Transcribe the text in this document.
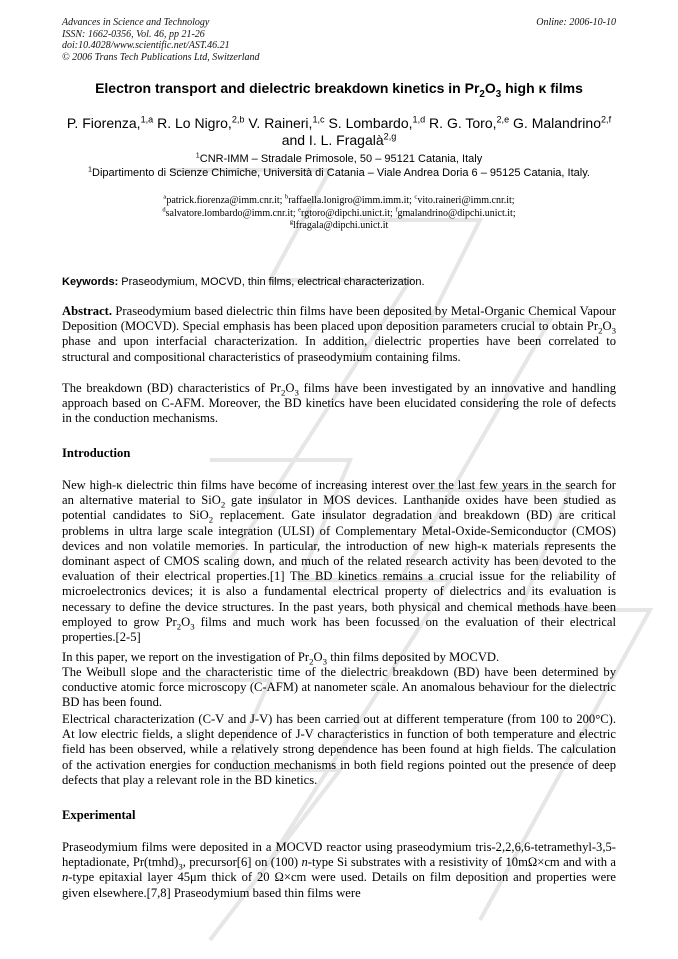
Advances in Science and Technology
ISSN: 1662-0356, Vol. 46, pp 21-26
doi:10.4028/www.scientific.net/AST.46.21
© 2006 Trans Tech Publications Ltd, Switzerland
Online: 2006-10-10
Electron transport and dielectric breakdown kinetics in $Pr_2O_3$ high κ films
P. Fiorenza,$^{1,a}$ R. Lo Nigro,$^{2,b}$ V. Raineri,$^{1,c}$ S. Lombardo,$^{1,d}$ R. G. Toro,$^{2,e}$ G. Malandrino$^{2,f}$ and I. L. Fragalà$^{2,g}$
$^1$CNR-IMM – Stradale Primosole, 50 – 95121 Catania, Italy
$^1$Dipartimento di Scienze Chimiche, Università di Catania – Viale Andrea Doria 6 – 95125 Catania, Italy.
$^a$patrick.fiorenza@imm.cnr.it; $^b$raffaella.lonigro@imm.imm.it; $^c$vito.raineri@imm.cnr.it;
$^d$salvatore.lombardo@imm.cnr.it; $^e$rgtoro@dipchi.unict.it; $^f$gmalandrino@dipchi.unict.it;
$^g$lfragala@dipchi.unict.it
Keywords: Praseodymium, MOCVD, thin films, electrical characterization.
Abstract. Praseodymium based dielectric thin films have been deposited by Metal-Organic Chemical Vapour Deposition (MOCVD). Special emphasis has been placed upon deposition parameters crucial to obtain $Pr_2O_3$ phase and upon interfacial characterization. In addition, dielectric properties have been correlated to structural and compositional characteristics of praseodymium containing films.
The breakdown (BD) characteristics of $Pr_2O_3$ films have been investigated by an innovative and handling approach based on C-AFM. Moreover, the BD kinetics have been elucidated considering the role of defects in the conduction mechanisms.
Introduction
New high-κ dielectric thin films have become of increasing interest over the last few years in the search for an alternative material to SiO$_2$ gate insulator in MOS devices. Lanthanide oxides have been studied as potential candidates to SiO$_2$ replacement. Gate insulator degradation and breakdown (BD) are critical problems in ultra large scale integration (ULSI) of Complementary Metal-Oxide-Semiconductor (CMOS) devices and non volatile memories. In particular, the introduction of new high-κ materials represents the dominant aspect of CMOS scaling down, and much of the related research activity has been devoted to the evaluation of their electrical properties.[1] The BD kinetics remains a crucial issue for the reliability of microelectronics devices; it is also a fundamental electrical property of dielectrics and its evaluation is necessary to define the device structures. In the past years, both physical and chemical methods have been employed to grow $Pr_2O_3$ films and much work has been focussed on the evaluation of their electrical properties.[2-5]
In this paper, we report on the investigation of $Pr_2O_3$ thin films deposited by MOCVD.
The Weibull slope and the characteristic time of the dielectric breakdown (BD) have been determined by conductive atomic force microscopy (C-AFM) at nanometer scale. An anomalous behaviour for the dielectric BD has been found.
Electrical characterization (C-V and J-V) has been carried out at different temperature (from 100 to 200°C). At low electric fields, a slight dependence of J-V characteristics in function of both temperature and electric field has been observed, while a relatively strong dependence has been found at high fields. The calculation of the activation energies for conduction mechanisms in both field regions pointed out the presence of deep defects that play a relevant role in the BD kinetics.
Experimental
Praseodymium films were deposited in a MOCVD reactor using praseodymium tris-2,2,6,6-tetramethyl-3,5-heptadionate, $Pr(tmhd)_3$, precursor[6] on (100) n-type Si substrates with a resistivity of 10mΩ×cm and with a n-type epitaxial layer 45μm thick of 20 Ω×cm were used. Details on film deposition and properties were given elsewhere.[7,8] Praseodymium based thin films were
